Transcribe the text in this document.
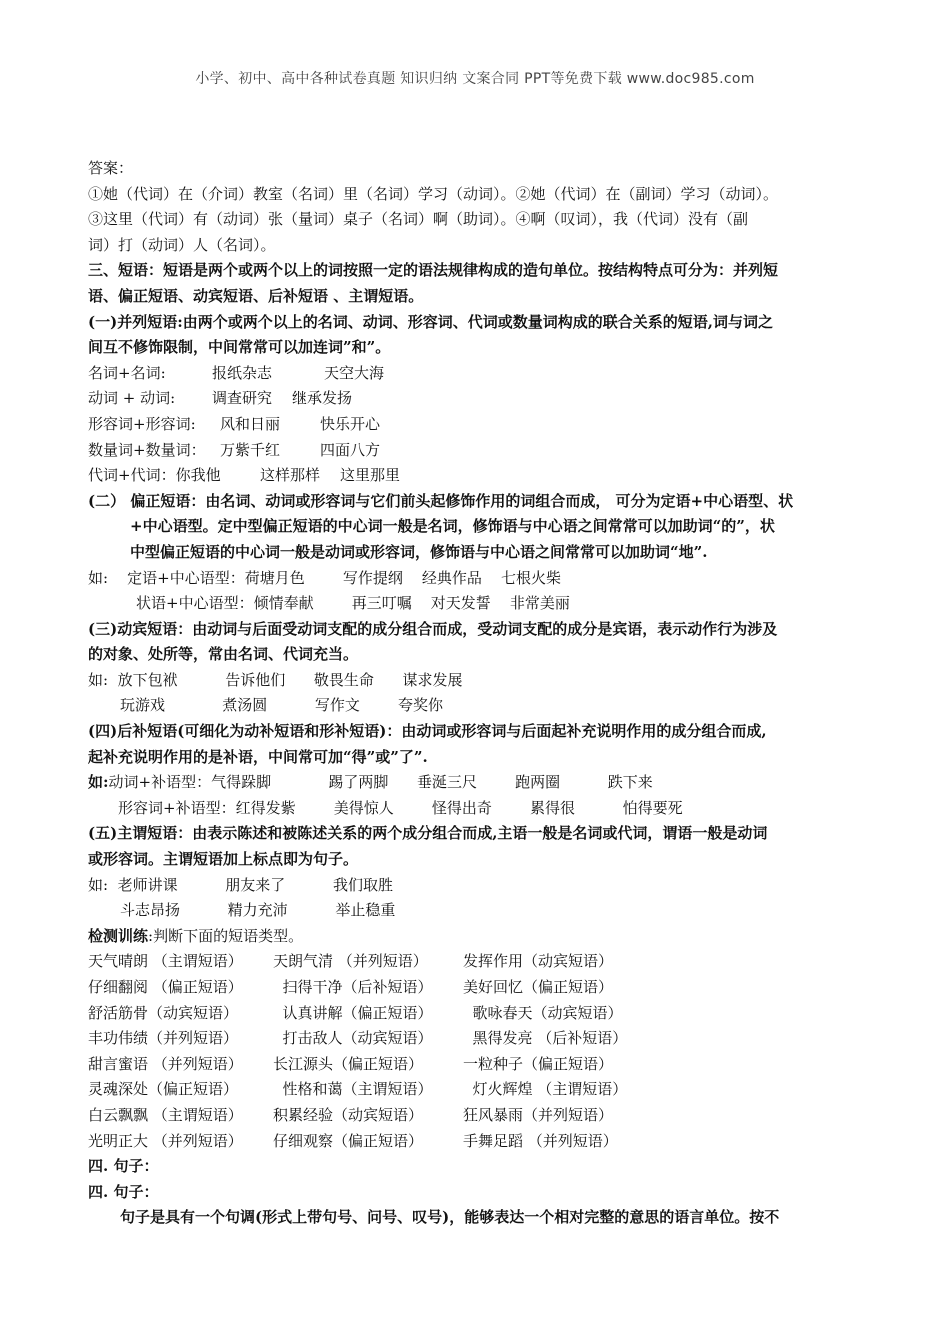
小学、初中、高中各种试卷真题 知识归纳 文案合同 PPT等免费下载 www.doc985.com
答案：
①她（代词）在（介词）教室（名词）里（名词）学习（动词）。②她（代词）在（副词）学习（动词）。
③这里（代词）有（动词）张（量词）桌子（名词）啊（助词）。④啊（叹词），我（代词）没有（副
词）打（动词）人（名词）。
三、短语：短语是两个或两个以上的词按照一定的语法规律构成的造句单位。按结构特点可分为：并列短
语、偏正短语、动宾短语、后补短语 、主谓短语。
(一)并列短语:由两个或两个以上的名词、动词、形容词、代词或数量词构成的联合关系的短语,词与词之
间互不修饰限制，中间常常可以加连词”和”。
名词+名词:	报纸杂志	天空大海
动词 + 动词: 调查研究 继承发扬
形容词+形容词: 风和日丽	快乐开心
数量词+数量词： 万紫千红	四面八方
代词+代词：你我他	这样那样 这里那里
(二） 偏正短语：由名词、动词或形容词与它们前头起修饰作用的词组合而成， 可分为定语+中心语型、状
+中心语型。定中型偏正短语的中心词一般是名词，修饰语与中心语之间常常可以加助词“的”，状
中型偏正短语的中心词一般是动词或形容词，修饰语与中心语之间常常可以加助词“地”.
如:    定语+中心语型：荷塘月色        写作提纲    经典作品    七根火柴
状语+中心语型：倾情奉献        再三叮嘱    对天发誓    非常美丽
(三)动宾短语：由动词与后面受动词支配的成分组合而成，受动词支配的成分是宾语，表示动作行为涉及
的对象、处所等，常由名词、代词充当。
如:  放下包袱          告诉他们      敬畏生命      谋求发展
玩游戏            煮汤圆          写作文        夸奖你
(四)后补短语(可细化为动补短语和形补短语)：由动词或形容词与后面起补充说明作用的成分组合而成,
起补充说明作用的是补语，中间常可加“得”或”了”.
如:动词+补语型：气得跺脚            踢了两脚      垂涎三尺        跑两圈          跌下来
形容词+补语型：红得发紫        美得惊人        怪得出奇        累得很          怕得要死
(五)主谓短语：由表示陈述和被陈述关系的两个成分组合而成,主语一般是名词或代词，谓语一般是动词
或形容词。主谓短语加上标点即为句子。
如:  老师讲课          朋友来了          我们取胜
斗志昂扬          精力充沛          举止稳重
检测训练:判断下面的短语类型。
天气晴朗 （主谓短语） 天朗气清 （并列短语） 发挥作用（动宾短语）
仔细翻阅 （偏正短语）  扫得干净（后补短语） 美好回忆（偏正短语）
舒活筋骨（动宾短语）  认真讲解（偏正短语）  歌咏春天（动宾短语）
丰功伟绩（并列短语）  打击敌人（动宾短语）  黑得发亮 （后补短语）
甜言蜜语 （并列短语） 长江源头（偏正短语）	一粒种子（偏正短语）
灵魂深处（偏正短语）  性格和蔼（主谓短语）  灯火辉煌 （主谓短语）
白云飘飘 （主谓短语） 积累经验（动宾短语）	狂风暴雨（并列短语）
光明正大 （并列短语） 仔细观察（偏正短语）	手舞足蹈 （并列短语）
四. 句子：
四. 句子：
句子是具有一个句调(形式上带句号、问号、叹号)，能够表达一个相对完整的意思的语言单位。按不
